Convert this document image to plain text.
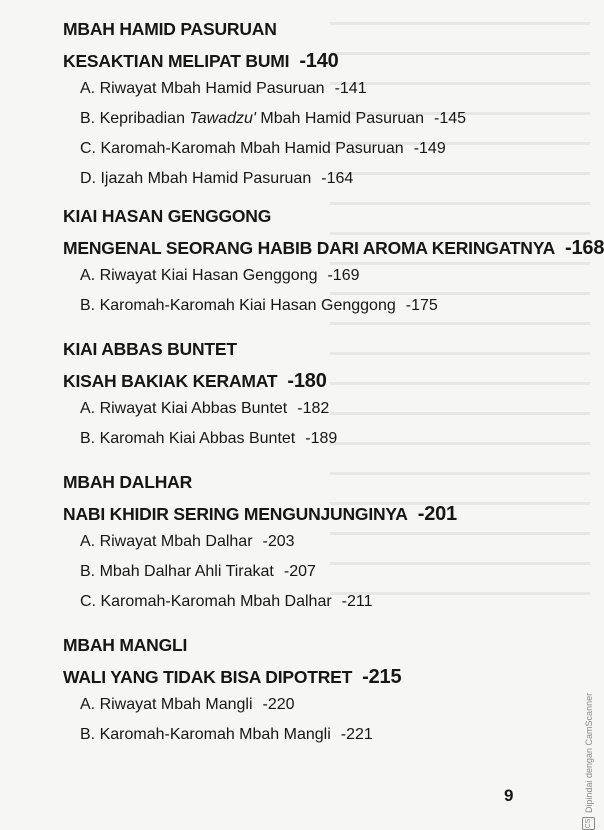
MBAH HAMID PASURUAN
KESAKTIAN MELIPAT BUMI -140
A. Riwayat Mbah Hamid Pasuruan -141
B. Kepribadian Tawadzu' Mbah Hamid Pasuruan -145
C. Karomah-Karomah Mbah Hamid Pasuruan -149
D. Ijazah Mbah Hamid Pasuruan -164
KIAI HASAN GENGGONG
MENGENAL SEORANG HABIB DARI AROMA KERINGATNYA -168
A. Riwayat Kiai Hasan Genggong -169
B. Karomah-Karomah Kiai Hasan Genggong -175
KIAI ABBAS BUNTET
KISAH BAKIAK KERAMAT -180
A. Riwayat Kiai Abbas Buntet -182
B. Karomah Kiai Abbas Buntet -189
MBAH DALHAR
NABI KHIDIR SERING MENGUNJUNGINYA -201
A. Riwayat Mbah Dalhar -203
B. Mbah Dalhar Ahli Tirakat -207
C. Karomah-Karomah Mbah Dalhar -211
MBAH MANGLI
WALI YANG TIDAK BISA DIPOTRET -215
A. Riwayat Mbah Mangli -220
B. Karomah-Karomah Mbah Mangli -221
9
CS
Dipindai dengan CamScanner
